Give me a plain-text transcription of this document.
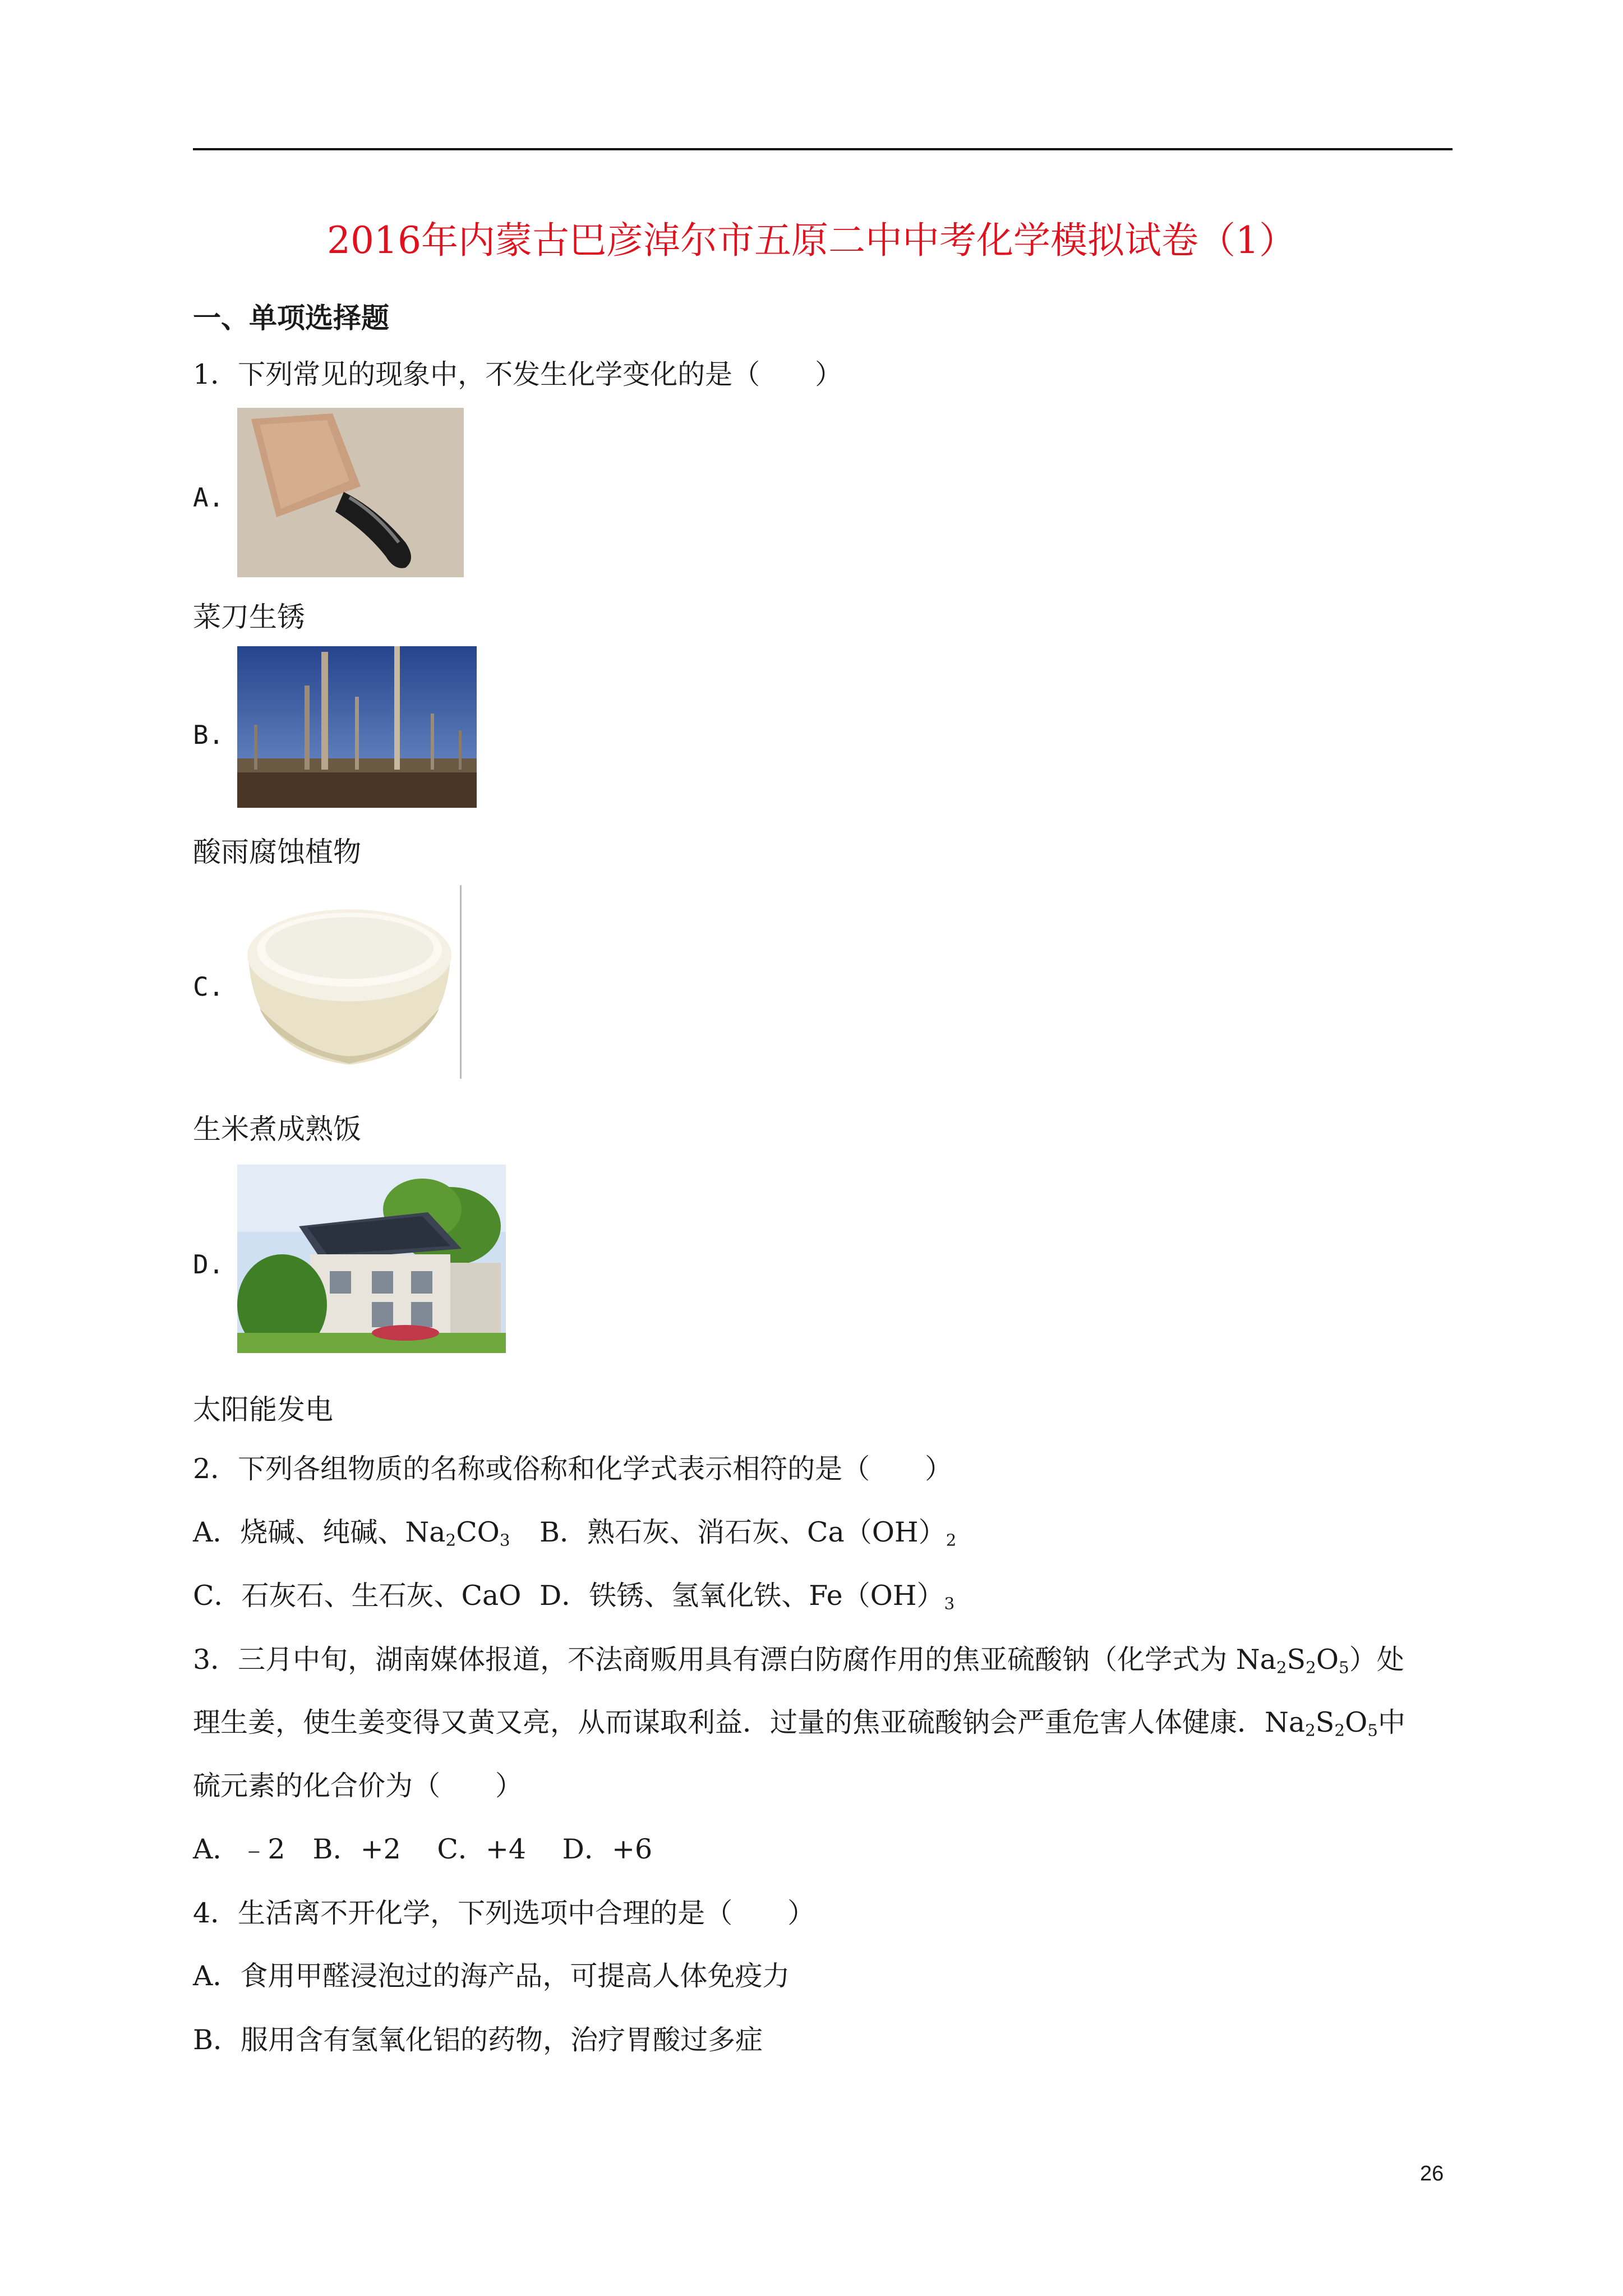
2016年内蒙古巴彦淖尔市五原二中中考化学模拟试卷（1）
一、单项选择题
1．下列常见的现象中，不发生化学变化的是（　　）
A.
菜刀生锈
B.
酸雨腐蚀植物
C.
生米煮成熟饭
D.
太阳能发电
2．下列各组物质的名称或俗称和化学式表示相符的是（　　）
A．烧碱、纯碱、$Na_2CO_3$ B．熟石灰、消石灰、$Ca(OH)_2$
C．石灰石、生石灰、CaO D．铁锈、氢氧化铁、$Fe(OH)_3$
3．三月中旬，湖南媒体报道，不法商贩用具有漂白防腐作用的焦亚硫酸钠（化学式为 $Na_2S_2O_5$）处
理生姜，使生姜变得又黄又亮，从而谋取利益．过量的焦亚硫酸钠会严重危害人体健康．$Na_2S_2O_5$中
硫元素的化合价为（　　）
A．﹣2　B．+2　 C．+4　 D．+6
4．生活离不开化学，下列选项中合理的是（　　）
A．食用甲醛浸泡过的海产品，可提高人体免疫力
B．服用含有氢氧化铝的药物，治疗胃酸过多症
26
